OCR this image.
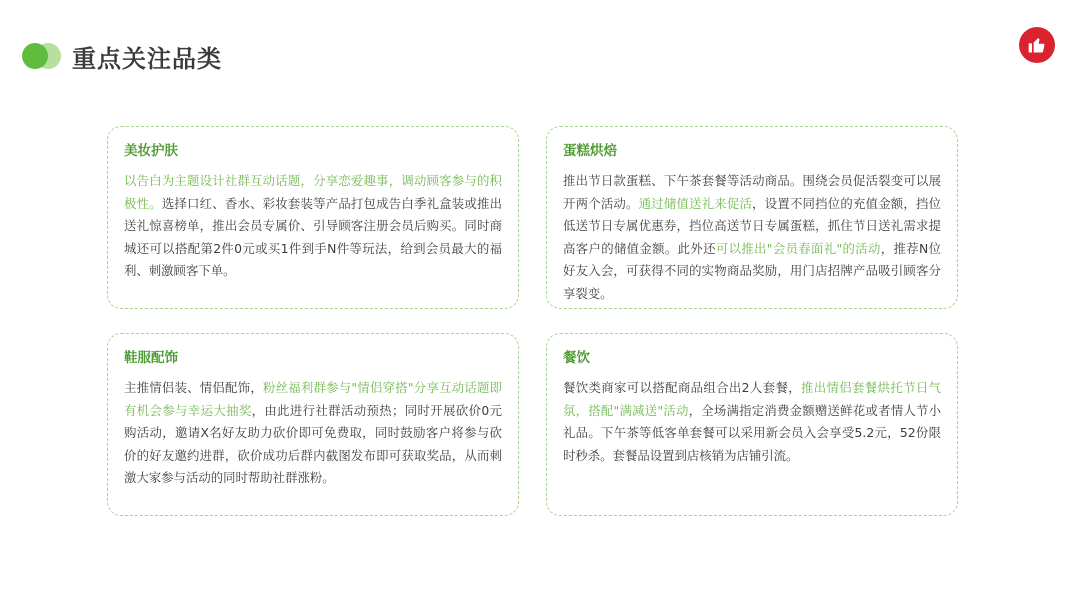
重点关注品类
美妆护肤
以告白为主题设计社群互动话题，分享恋爱趣事，调动顾客参与的积极性。选择口红、香水、彩妆套装等产品打包成告白季礼盒装或推出送礼惊喜榜单，推出会员专属价、引导顾客注册会员后购买。同时商城还可以搭配第2件0元或买1件到手N件等玩法，给到会员最大的福利、刺激顾客下单。
蛋糕烘焙
推出节日款蛋糕、下午茶套餐等活动商品。围绕会员促活裂变可以展开两个活动。通过储值送礼来促活，设置不同挡位的充值金额，挡位低送节日专属优惠券，挡位高送节日专属蛋糕，抓住节日送礼需求提高客户的储值金额。此外还可以推出"会员春面礼"的活动，推荐N位好友入会，可获得不同的实物商品奖励，用门店招牌产品吸引顾客分享裂变。
鞋服配饰
主推情侣装、情侣配饰，粉丝福利群参与"情侣穿搭"分享互动话题即有机会参与幸运大抽奖，由此进行社群活动预热；同时开展砍价0元购活动，邀请X名好友助力砍价即可免费取，同时鼓励客户将参与砍价的好友邀约进群，砍价成功后群内截图发布即可获取奖品，从而刺激大家参与活动的同时帮助社群涨粉。
餐饮
餐饮类商家可以搭配商品组合出2人套餐，推出情侣套餐烘托节日气氛，搭配"满减送"活动，全场满指定消费金额赠送鲜花或者情人节小礼品。下午茶等低客单套餐可以采用新会员入会享受5.2元，52份限时秒杀。套餐品设置到店核销为店铺引流。
